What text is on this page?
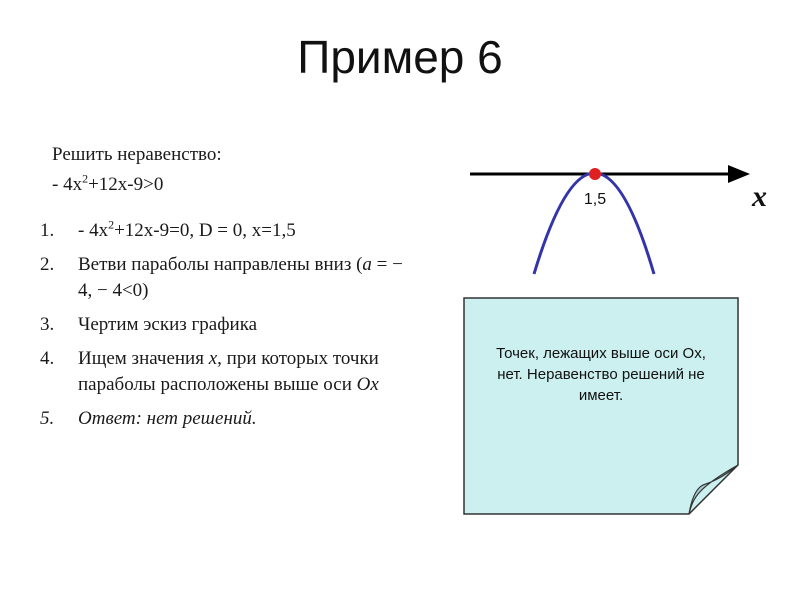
Пример 6
Решить неравенство:
- $4x^2+12x-9>0$
1. - $4x^2+12x-9=0$, D = 0, x=1,5
2. Ветви параболы направлены вниз (a = − 4, − 4<0)
3. Чертим эскиз графика
4. Ищем значения x, при которых точки параболы расположены выше оси Ox
5. Ответ: нет решений.
1,5	x
Точек, лежащих выше оси Ox, нет. Неравенство решений не имеет.
